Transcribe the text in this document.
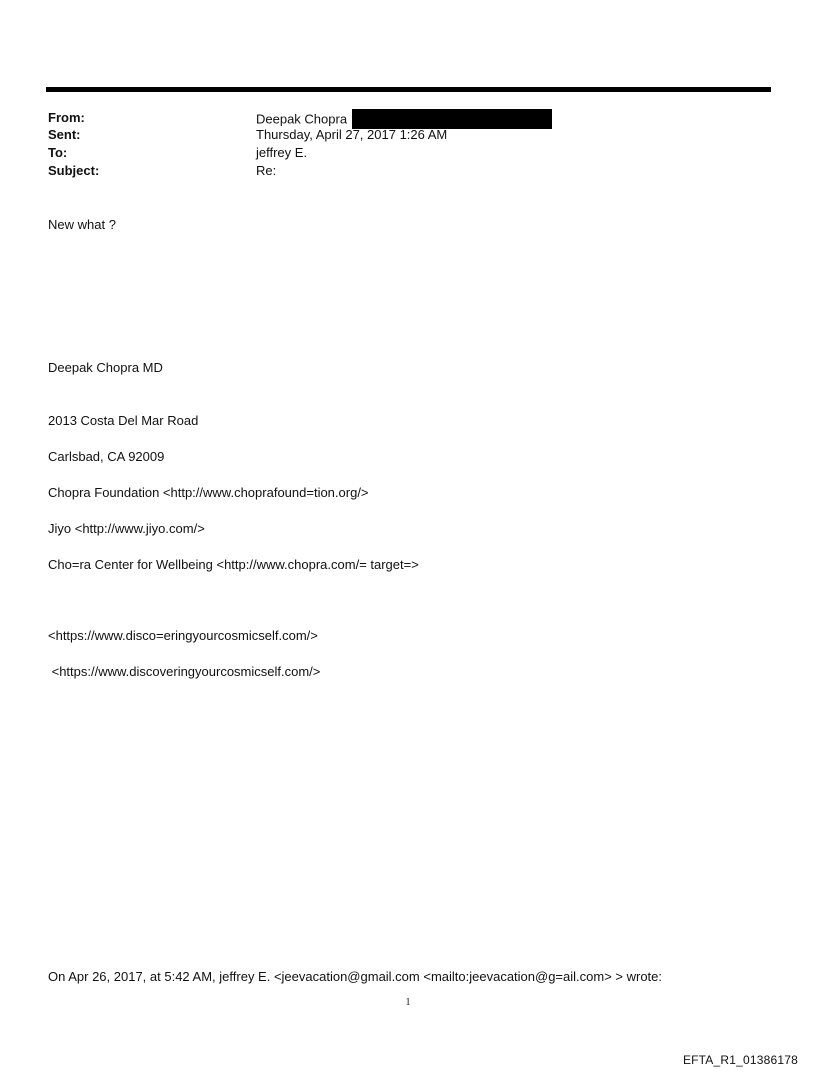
From:	Deepak Chopra
Sent:	Thursday, April 27, 2017 1:26 AM
To:	jeffrey E.
Subject:	Re:
New what ?
Deepak Chopra MD
2013 Costa Del Mar Road
Carlsbad, CA 92009
Chopra Foundation <http://www.choprafound=tion.org/>
Jiyo <http://www.jiyo.com/>
Cho=ra Center for Wellbeing <http://www.chopra.com/= target=>
<https://www.disco=eringyourcosmicself.com/>
<https://www.discoveringyourcosmicself.com/>
On Apr 26, 2017, at 5:42 AM, jeffrey E. <jeevacation@gmail.com <mailto:jeevacation@g=ail.com> > wrote:
1
EFTA_R1_01386178
